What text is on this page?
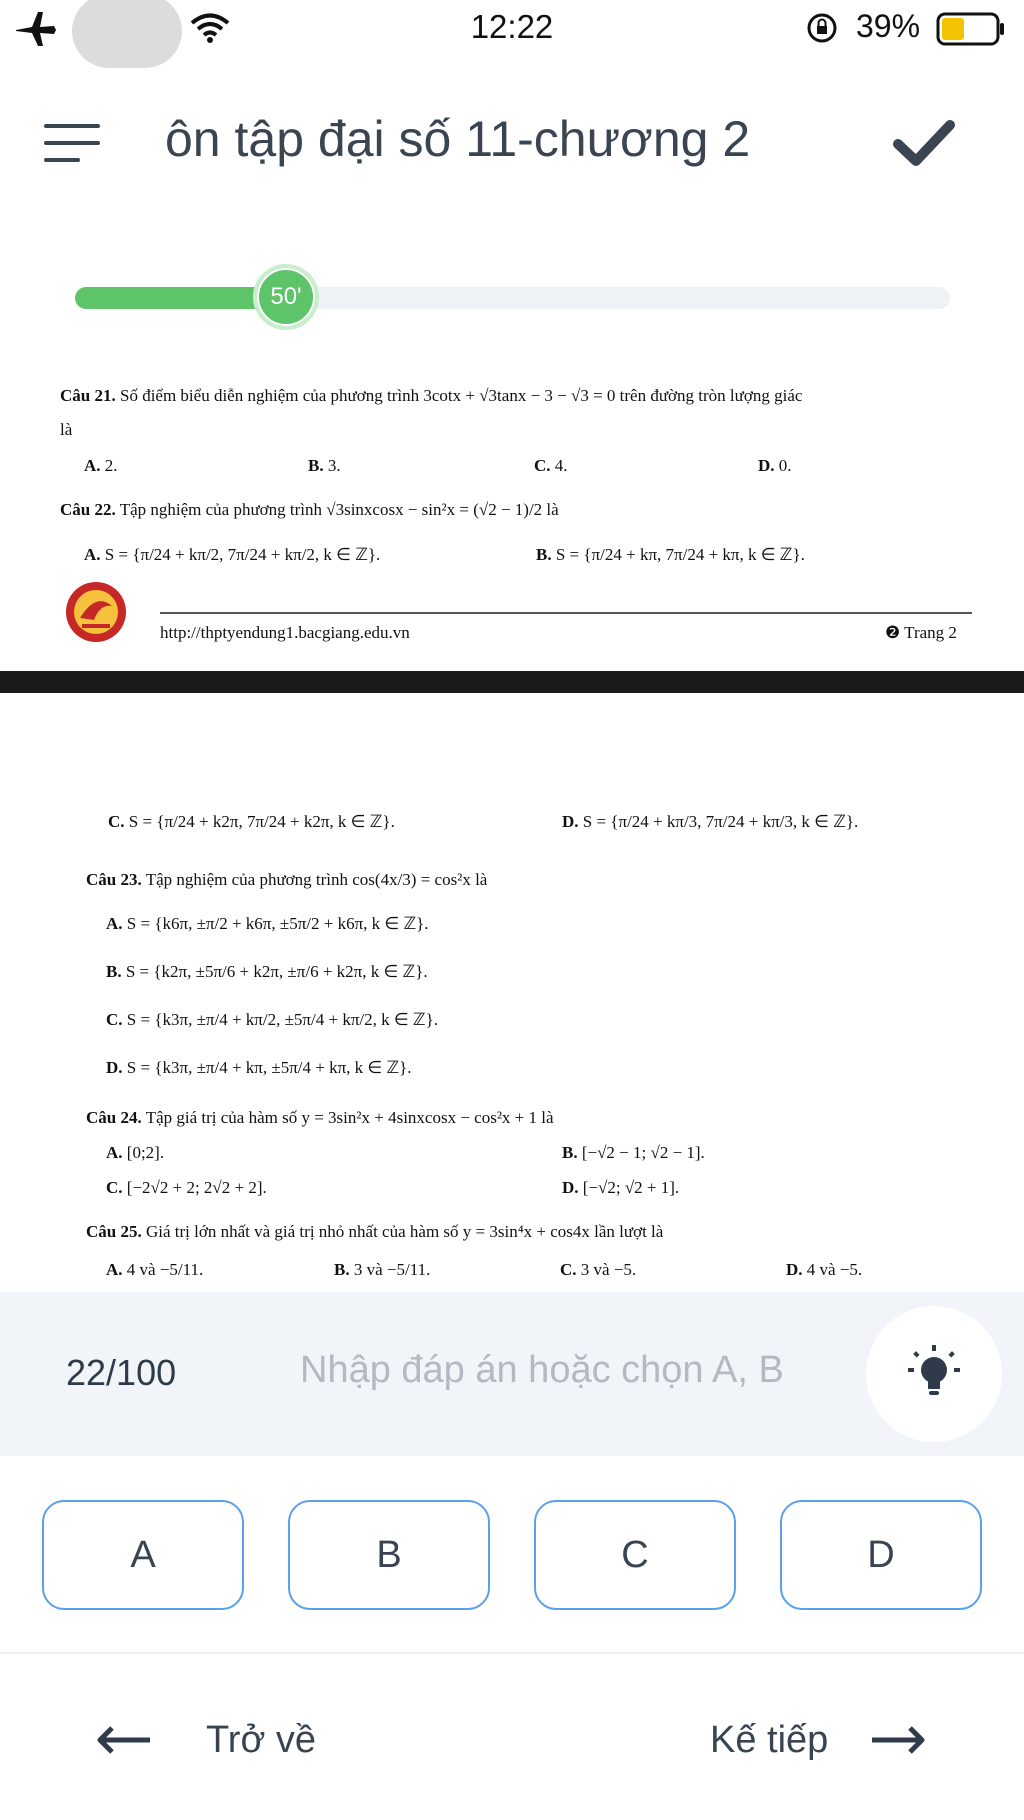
12:22	39%
ôn tập đại số 11-chương 2
50'
Câu 21. Số điểm biểu diễn nghiệm của phương trình 3cotx + √3tanx − 3 − √3 = 0 trên đường tròn lượng giác
là
A. 2.	B. 3.	C. 4.	D. 0.
Câu 22. Tập nghiệm của phương trình √3sinxcosx − sin²x = (√2 − 1)/2 là
A. S = {π/24 + kπ/2, 7π/24 + kπ/2, k ∈ ℤ}.	B. S = {π/24 + kπ, 7π/24 + kπ, k ∈ ℤ}.
http://thptyendung1.bacgiang.edu.vn	❷ Trang 2
C. S = {π/24 + k2π, 7π/24 + k2π, k ∈ ℤ}.	D. S = {π/24 + kπ/3, 7π/24 + kπ/3, k ∈ ℤ}.
Câu 23. Tập nghiệm của phương trình cos(4x/3) = cos²x là
A. S = {k6π, ±π/2 + k6π, ±5π/2 + k6π, k ∈ ℤ}.
B. S = {k2π, ±5π/6 + k2π, ±π/6 + k2π, k ∈ ℤ}.
C. S = {k3π, ±π/4 + kπ/2, ±5π/4 + kπ/2, k ∈ ℤ}.
D. S = {k3π, ±π/4 + kπ, ±5π/4 + kπ, k ∈ ℤ}.
Câu 24. Tập giá trị của hàm số y = 3sin²x + 4sinxcosx − cos²x + 1 là
A. [0;2].	B. [−√2 − 1; √2 − 1].
C. [−2√2 + 2; 2√2 + 2].	D. [−√2; √2 + 1].
Câu 25. Giá trị lớn nhất và giá trị nhỏ nhất của hàm số y = 3sin⁴x + cos4x lần lượt là
A. 4 và −5/11.	B. 3 và −5/11.	C. 3 và −5.	D. 4 và −5.
22/100
Nhập đáp án hoặc chọn A, B
A	B	C	D
Trở về	Kế tiếp
